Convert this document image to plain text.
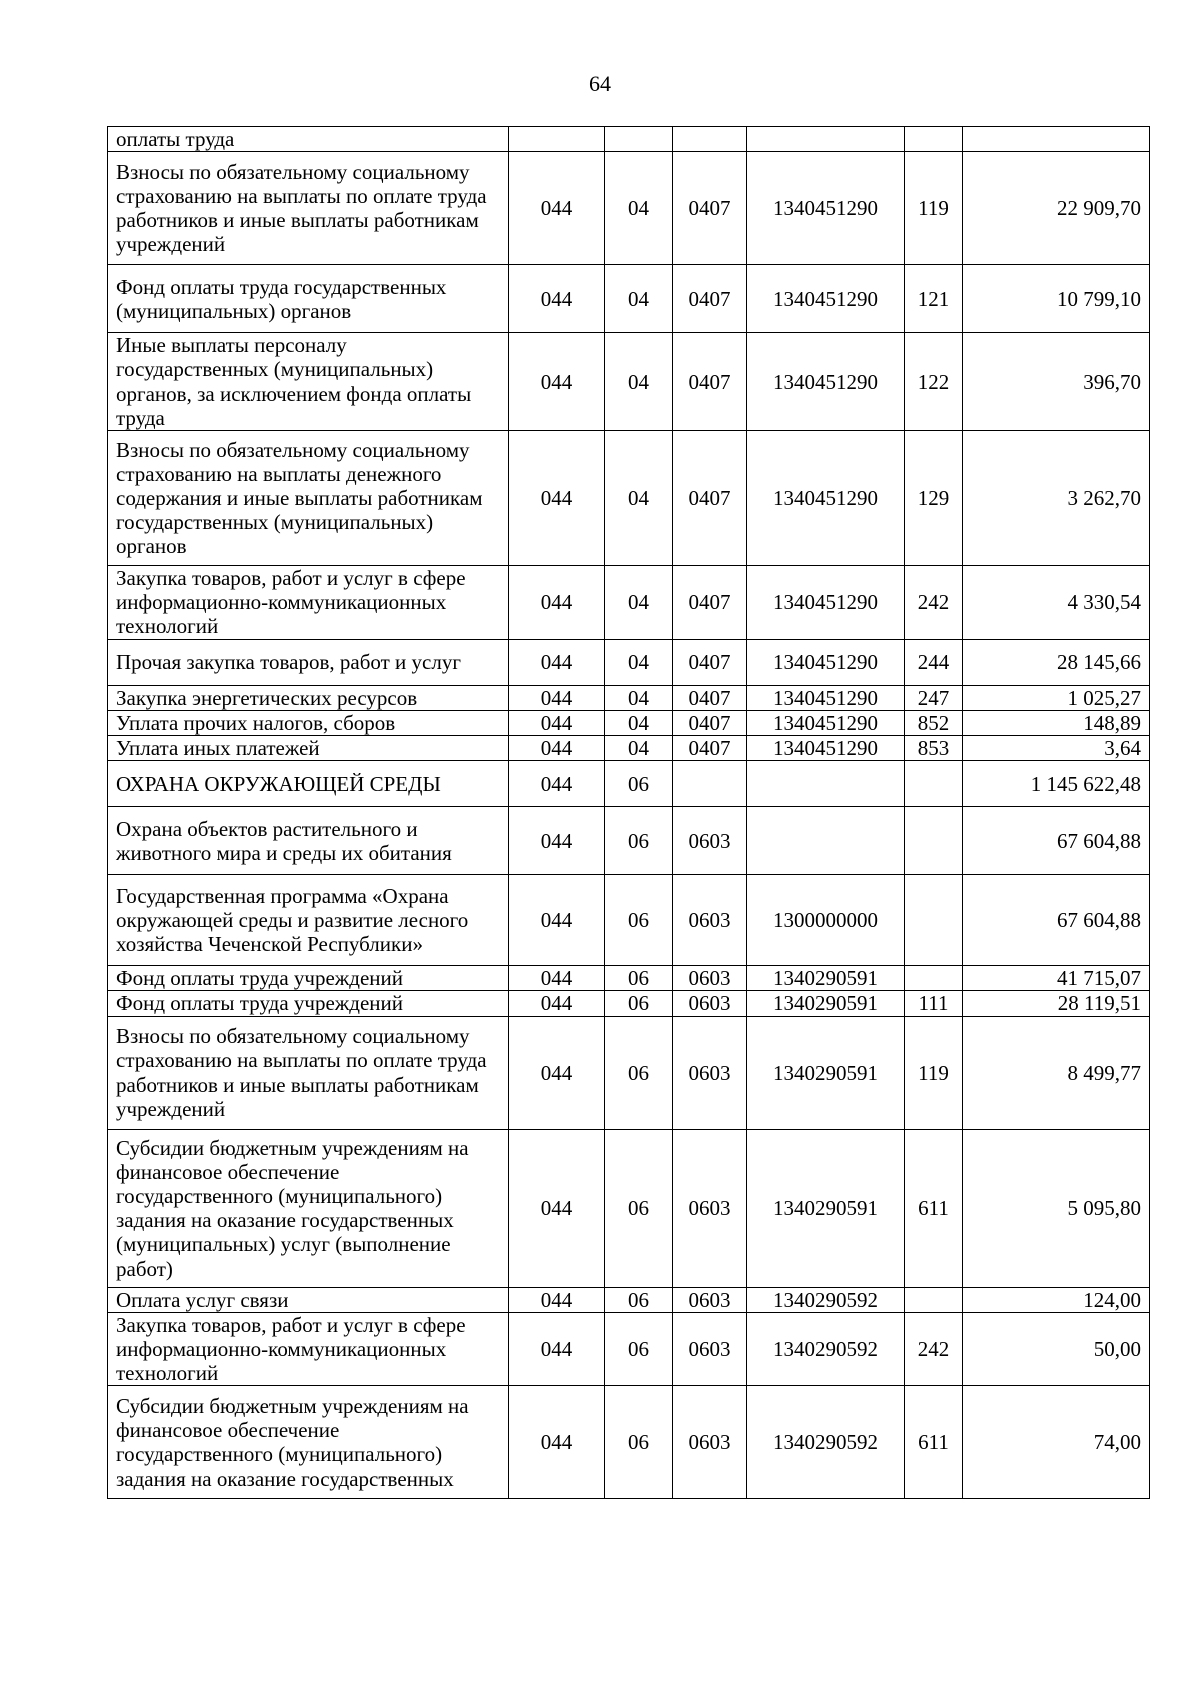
64
оплаты труда						
Взносы по обязательному социальному страхованию на выплаты по оплате труда работников и иные выплаты работникам учреждений	044	04	0407	1340451290	119	22 909,70
Фонд оплаты труда государственных (муниципальных) органов	044	04	0407	1340451290	121	10 799,10
Иные выплаты персоналу государственных (муниципальных) органов, за исключением фонда оплаты труда	044	04	0407	1340451290	122	396,70
Взносы по обязательному социальному страхованию на выплаты денежного содержания и иные выплаты работникам государственных (муниципальных) органов	044	04	0407	1340451290	129	3 262,70
Закупка товаров, работ и услуг в сфере информационно-коммуникационных технологий	044	04	0407	1340451290	242	4 330,54
Прочая закупка товаров, работ и услуг	044	04	0407	1340451290	244	28 145,66
Закупка энергетических ресурсов	044	04	0407	1340451290	247	1 025,27
Уплата прочих налогов, сборов	044	04	0407	1340451290	852	148,89
Уплата иных платежей	044	04	0407	1340451290	853	3,64
ОХРАНА ОКРУЖАЮЩЕЙ СРЕДЫ	044	06				1 145 622,48
Охрана объектов растительного и животного мира и среды их обитания	044	06	0603			67 604,88
Государственная программа «Охрана окружающей среды и развитие лесного хозяйства Чеченской Республики»	044	06	0603	1300000000		67 604,88
Фонд оплаты труда учреждений	044	06	0603	1340290591		41 715,07
Фонд оплаты труда учреждений	044	06	0603	1340290591	111	28 119,51
Взносы по обязательному социальному страхованию на выплаты по оплате труда работников и иные выплаты работникам учреждений	044	06	0603	1340290591	119	8 499,77
Субсидии бюджетным учреждениям на финансовое обеспечение государственного (муниципального) задания на оказание государственных (муниципальных) услуг (выполнение работ)	044	06	0603	1340290591	611	5 095,80
Оплата услуг связи	044	06	0603	1340290592		124,00
Закупка товаров, работ и услуг в сфере информационно-коммуникационных технологий	044	06	0603	1340290592	242	50,00
Субсидии бюджетным учреждениям на финансовое обеспечение государственного (муниципального) задания на оказание государственных	044	06	0603	1340290592	611	74,00
